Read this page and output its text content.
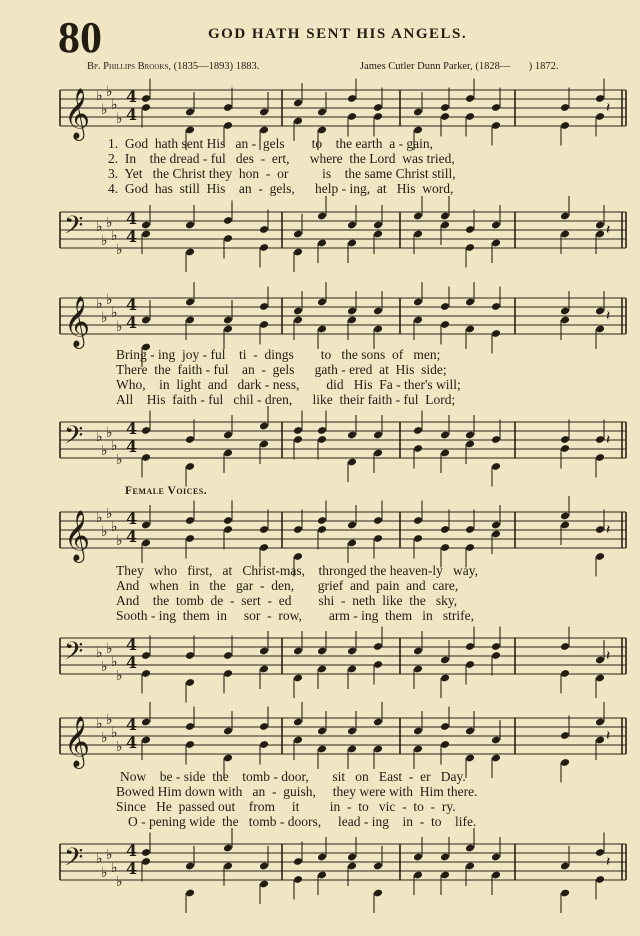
80	GOD HATH SENT HIS ANGELS.
Bp. Phillips Brooks, (1835—1893) 1883.	James Cutler Dunn Parker, (1828— ) 1872.
𝄞 ♭
♭
♭
♭
♭
4
4	𝄽
1.  God  hath sent His   an -  gels        to    the earth  a - gain,
2.  In    the dread - ful   des  -  ert,      where  the Lord  was tried,
3.  Yet   the Christ they  hon  -  or          is    the same Christ still,
4.  God  has  still  His    an  -  gels,      help - ing,  at   His  word,
𝄢 ♭
♭
♭
♭
♭
4
4	𝄽
𝄞 ♭
♭
♭
♭
♭
4
4	𝄽
Bring - ing  joy - ful    ti  -  dings        to   the sons  of   men;
There  the  faith - ful    an  -  gels      gath - ered  at  His  side;
Who,    in  light  and   dark - ness,        did   His  Fa - ther's will;
All    His  faith - ful   chil - dren,      like  their faith - ful  Lord;
𝄢 ♭
♭
♭
♭
♭
4
4	𝄽
Female Voices.
𝄞 ♭
♭
♭
♭
♭
4
4	𝄽
They   who   first,   at   Christ-mas,    thronged the heaven-ly   way,
And   when   in   the   gar  -  den,       grief  and  pain  and  care,
And    the  tomb  de  -  sert  -  ed        shi  -  neth  like  the   sky,
Sooth - ing  them  in     sor  -  row,        arm - ing  them   in   strife,
𝄢 ♭
♭
♭
♭
♭
4
4	𝄽
𝄞 ♭
♭
♭
♭
♭
4
4	𝄽
Now    be - side  the    tomb - door,       sit   on   East  -  er   Day.
Bowed Him down with   an  -  guish,     they were with  Him there.
Since   He  passed out    from     it         in  -  to   vic  -  to  -  ry.
O - pening wide  the   tomb - doors,     lead - ing    in  -  to    life.
𝄢 ♭
♭
♭
♭
♭
4
4	𝄽
